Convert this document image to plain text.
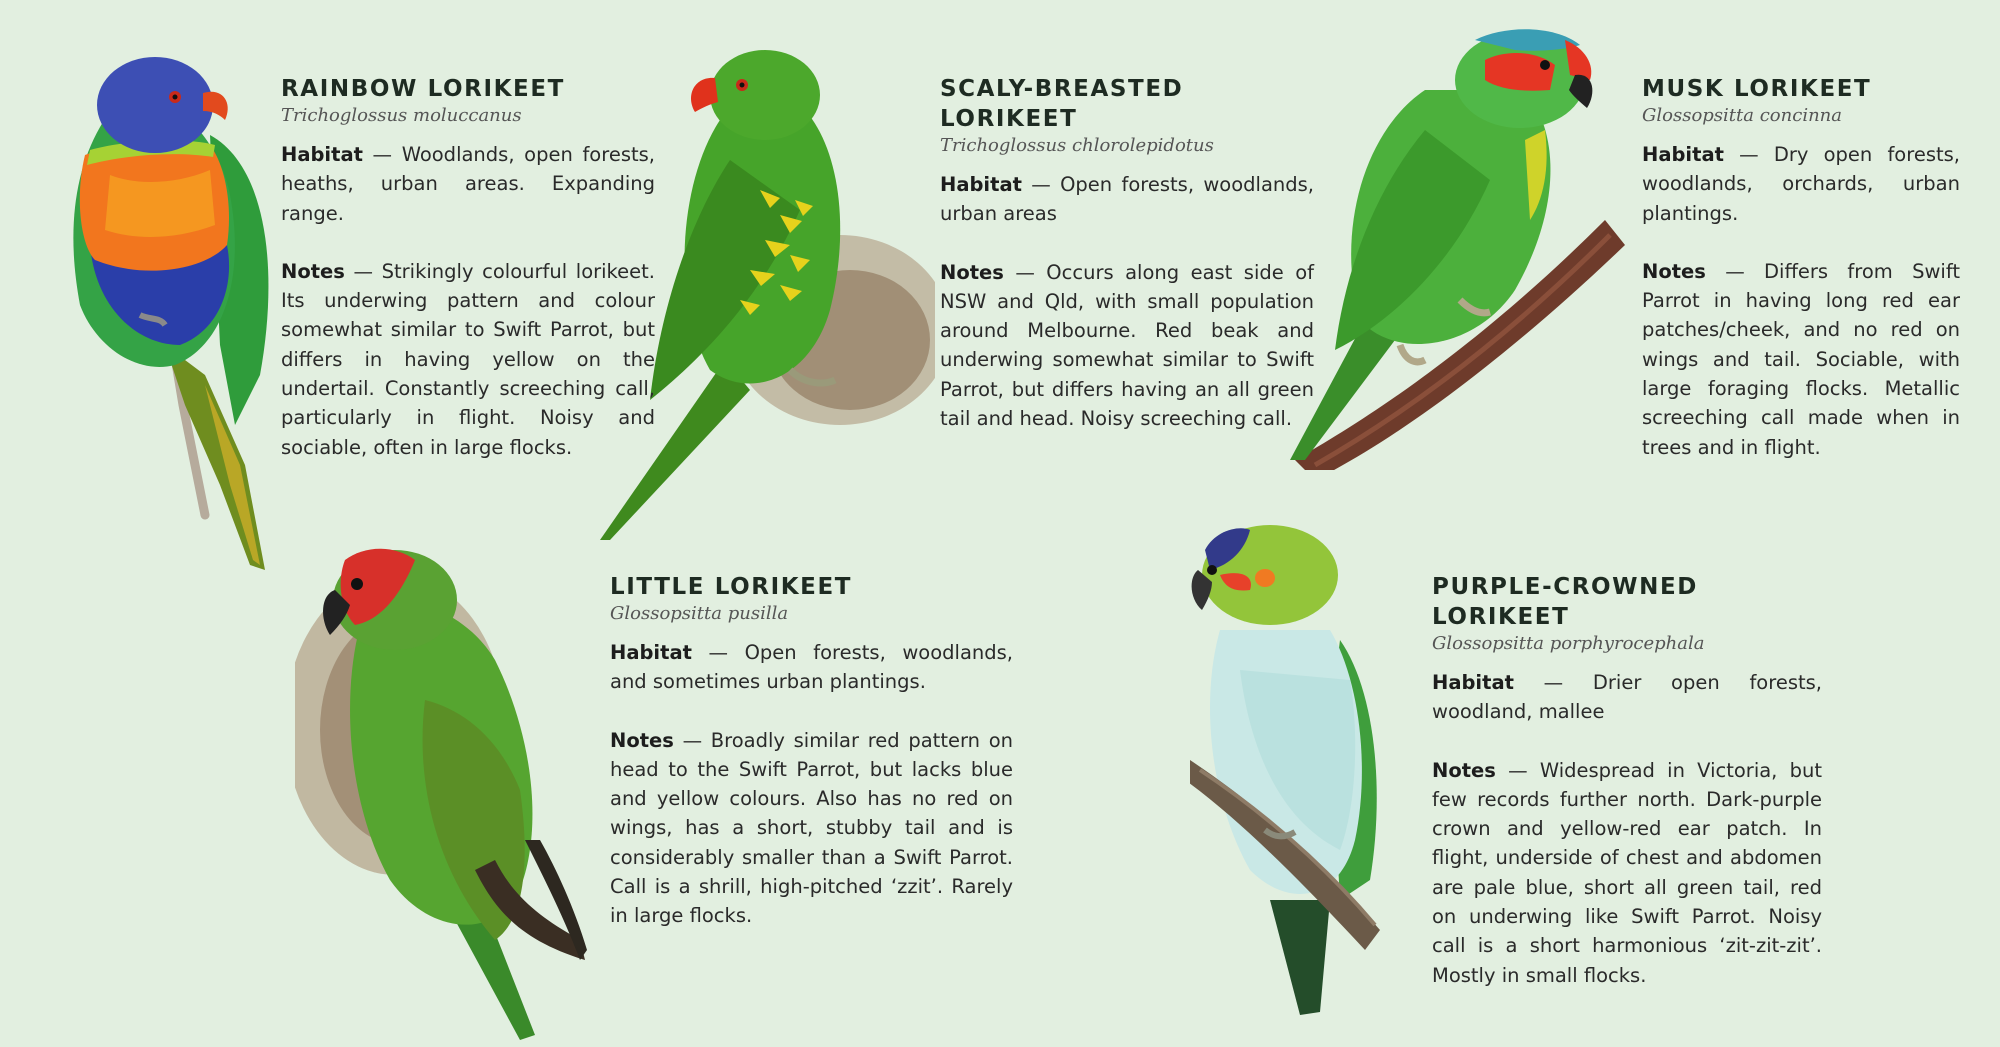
RAINBOW LORIKEET
Trichoglossus moluccanus

Habitat — Woodlands, open forests, heaths, urban areas. Expanding range.

Notes — Strikingly colourful lorikeet. Its underwing pattern and colour somewhat similar to Swift Parrot, but differs in having yellow on the undertail. Constantly screeching call, particularly in flight. Noisy and sociable, often in large flocks.

SCALY-BREASTED LORIKEET
Trichoglossus chlorolepidotus

Habitat — Open forests, woodlands, urban areas

Notes — Occurs along east side of NSW and Qld, with small population around Melbourne. Red beak and underwing somewhat similar to Swift Parrot, but differs having an all green tail and head. Noisy screeching call.

MUSK LORIKEET
Glossopsitta concinna

Habitat — Dry open forests, woodlands, orchards, urban plantings.

Notes — Differs from Swift Parrot in having long red ear patches/cheek, and no red on wings and tail. Sociable, with large foraging flocks. Metallic screeching call made when in trees and in flight.

LITTLE LORIKEET
Glossopsitta pusilla

Habitat — Open forests, woodlands, and sometimes urban plantings.

Notes — Broadly similar red pattern on head to the Swift Parrot, but lacks blue and yellow colours. Also has no red on wings, has a short, stubby tail and is considerably smaller than a Swift Parrot. Call is a shrill, high-pitched ‘zzit’. Rarely in large flocks.

PURPLE-CROWNED LORIKEET
Glossopsitta porphyrocephala

Habitat — Drier open forests, woodland, mallee

Notes — Widespread in Victoria, but few records further north. Dark-purple crown and yellow-red ear patch. In flight, underside of chest and abdomen are pale blue, short all green tail, red on underwing like Swift Parrot. Noisy call is a short harmonious ‘zit-zit-zit’. Mostly in small flocks.
